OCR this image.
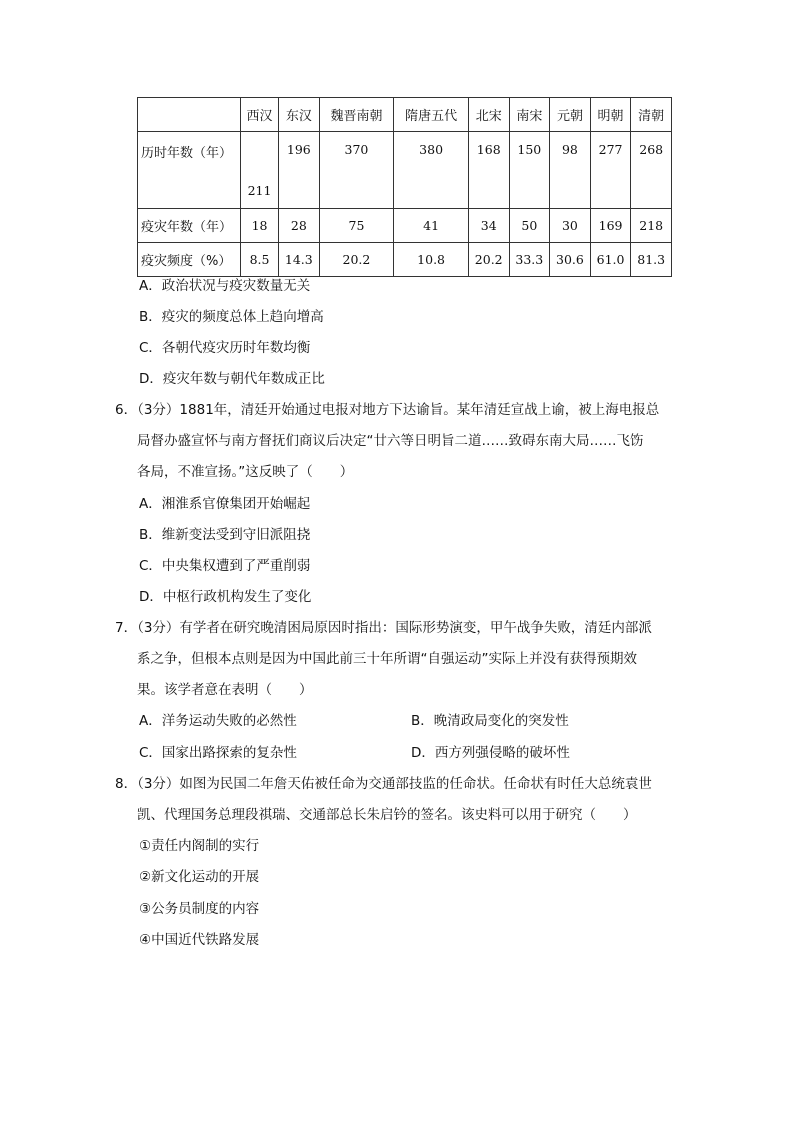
	西汉	东汉	魏晋南朝	隋唐五代	北宋	南宋	元朝	明朝	清朝
历时年数（年）	211	196	370	380	168	150	98	277	268
疫灾年数（年）	18	28	75	41	34	50	30	169	218
疫灾频度（%）	8.5	14.3	20.2	10.8	20.2	33.3	30.6	61.0	81.3
A．政治状况与疫灾数量无关
B．疫灾的频度总体上趋向增高
C．各朝代疫灾历时年数均衡
D．疫灾年数与朝代年数成正比
6．（3分）1881年，清廷开始通过电报对地方下达谕旨。某年清廷宣战上谕，被上海电报总
局督办盛宣怀与南方督抚们商议后决定“廿六等日明旨二道……致碍东南大局……飞饬
各局，不准宣扬。”这反映了（　　）
A．湘淮系官僚集团开始崛起
B．维新变法受到守旧派阻挠
C．中央集权遭到了严重削弱
D．中枢行政机构发生了变化
7．（3分）有学者在研究晚清困局原因时指出：国际形势演变，甲午战争失败，清廷内部派
系之争，但根本点则是因为中国此前三十年所谓“自强运动”实际上并没有获得预期效
果。该学者意在表明（　　）
A．洋务运动失败的必然性	B．晚清政局变化的突发性
C．国家出路探索的复杂性	D．西方列强侵略的破坏性
8．（3分）如图为民国二年詹天佑被任命为交通部技监的任命状。任命状有时任大总统袁世
凯、代理国务总理段祺瑞、交通部总长朱启钤的签名。该史料可以用于研究（　　）
①责任内阁制的实行
②新文化运动的开展
③公务员制度的内容
④中国近代铁路发展
